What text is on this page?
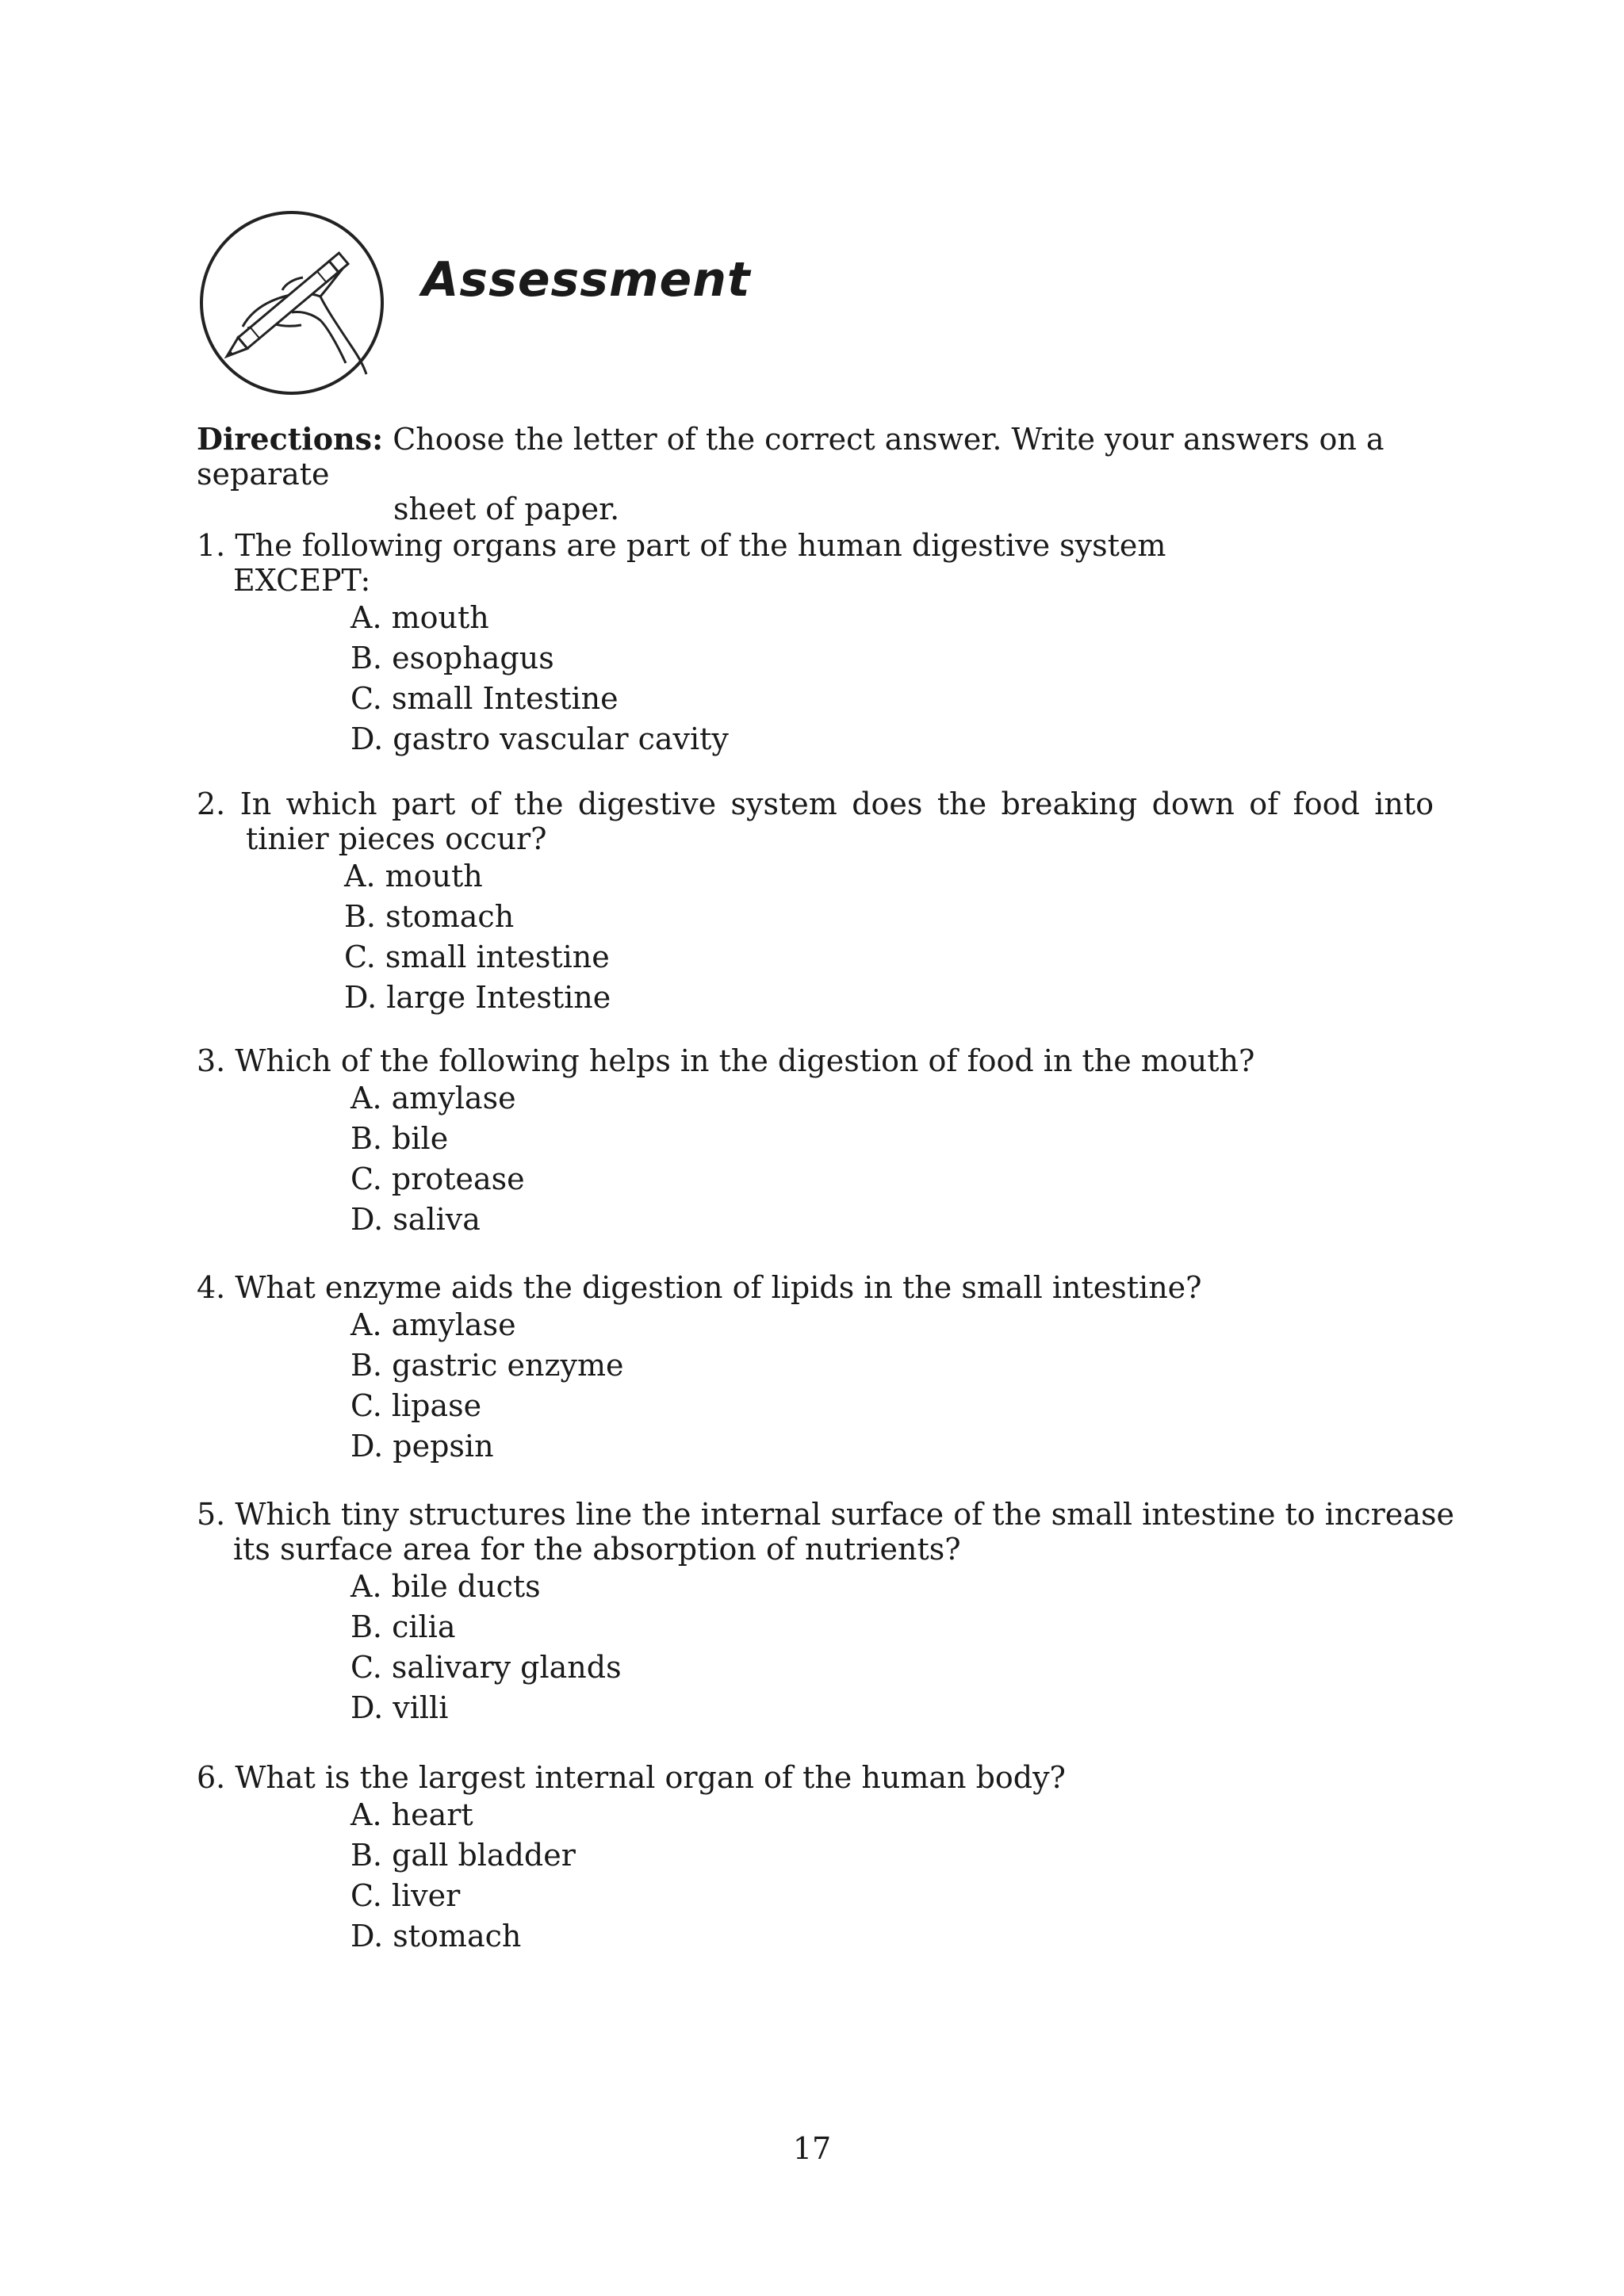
Assessment
Directions: Choose the letter of the correct answer. Write your answers on a separate
sheet of paper.
1. The following organs are part of the human digestive system EXCEPT:
A. mouth
B. esophagus
C. small Intestine
D. gastro vascular cavity
2. In which part of the digestive system does the breaking down of food into tinier pieces occur?
A. mouth
B. stomach
C. small intestine
D. large Intestine
3. Which of the following helps in the digestion of food in the mouth?
A. amylase
B. bile
C. protease
D. saliva
4. What enzyme aids the digestion of lipids in the small intestine?
A. amylase
B. gastric enzyme
C. lipase
D. pepsin
5. Which tiny structures line the internal surface of the small intestine to increase its surface area for the absorption of nutrients?
A. bile ducts
B. cilia
C. salivary glands
D. villi
6. What is the largest internal organ of the human body?
A. heart
B. gall bladder
C. liver
D. stomach
17
